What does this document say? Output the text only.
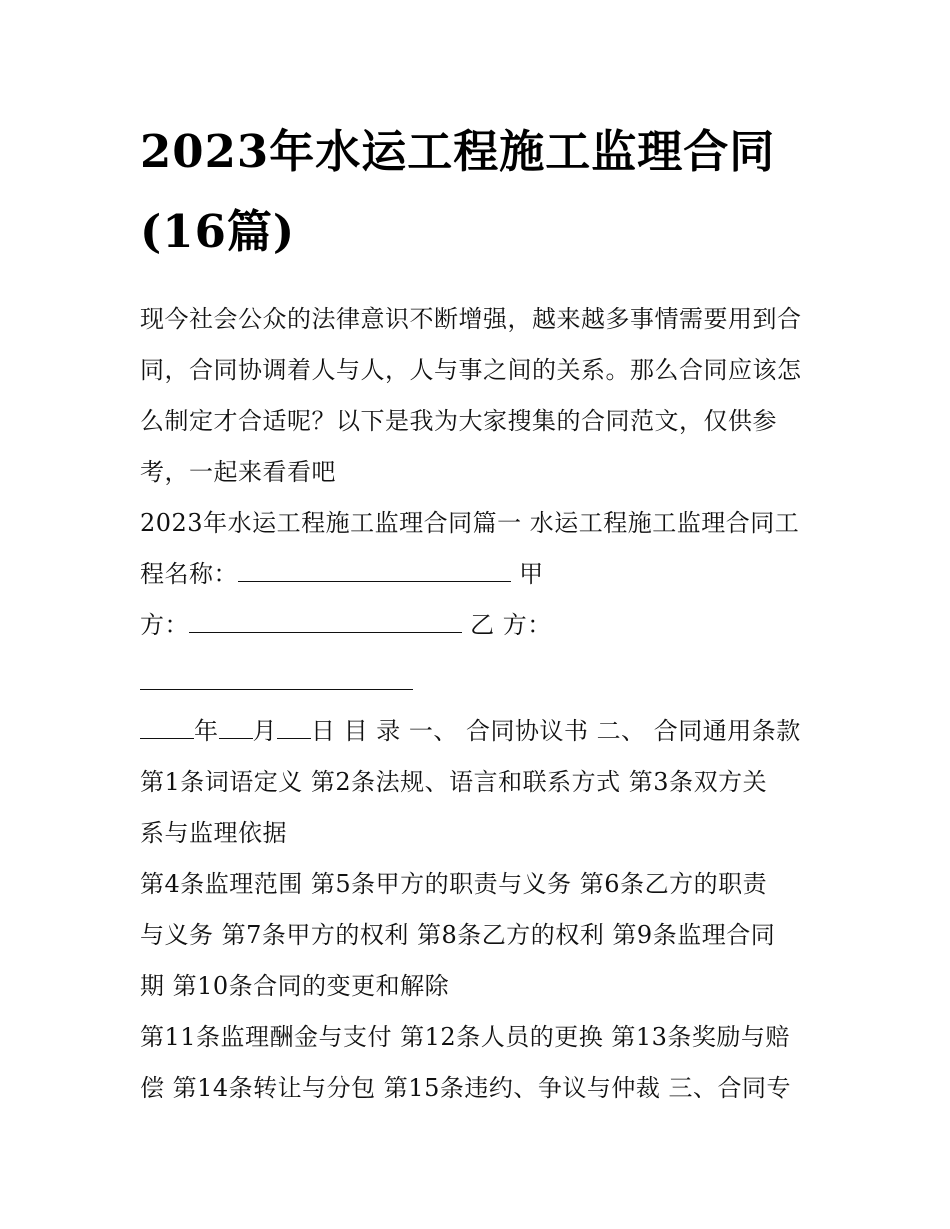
2023年水运工程施工监理合同
(16篇)
现今社会公众的法律意识不断增强，越来越多事情需要用到合
同，合同协调着人与人，人与事之间的关系。那么合同应该怎
么制定才合适呢？以下是我为大家搜集的合同范文，仅供参
考，一起来看看吧
2023年水运工程施工监理合同篇一 水运工程施工监理合同工
程名称：	甲
方：	乙 方：
年 月 日 目 录 一、 合同协议书 二、 合同通用条款
第1条词语定义 第2条法规、语言和联系方式 第3条双方关
系与监理依据
第4条监理范围 第5条甲方的职责与义务 第6条乙方的职责
与义务 第7条甲方的权利 第8条乙方的权利 第9条监理合同
期 第10条合同的变更和解除
第11条监理酬金与支付 第12条人员的更换 第13条奖励与赔
偿 第14条转让与分包 第15条违约、争议与仲裁 三、合同专
